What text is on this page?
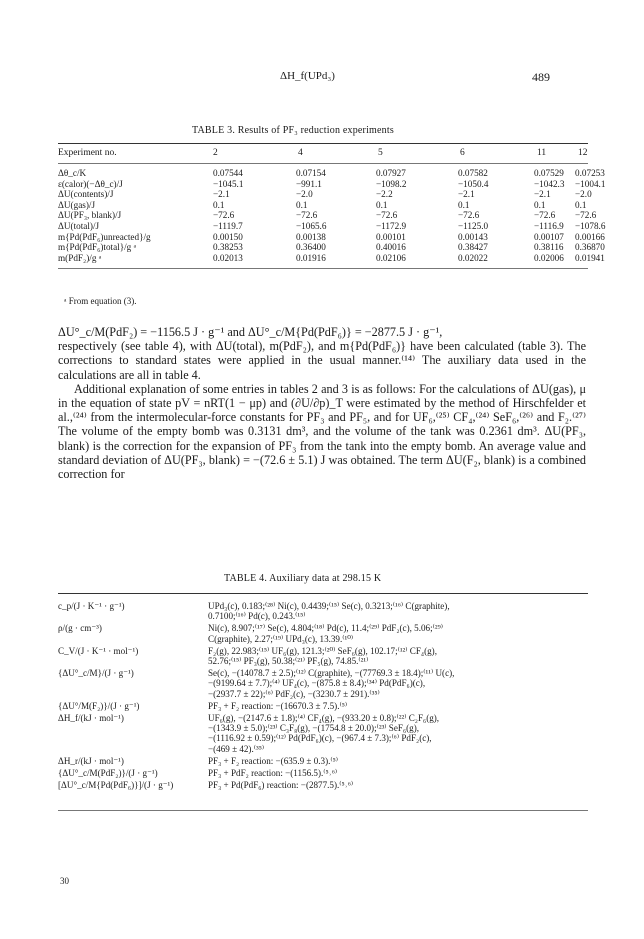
ΔH_f(UPd₃)	489
TABLE 3. Results of PF₃ reduction experiments
Experiment no.	2	4	5	6	11	12
Δθ_c/K	0.07544	0.07154	0.07927	0.07582	0.07529 0.07253
ε(calor)(−Δθ_c)/J	−1045.1	−991.1	−1098.2	−1050.4	−1042.3 −1004.1
ΔU(contents)/J	−2.1	−2.0	−2.2	−2.1	−2.1	−2.0
ΔU(gas)/J	0.1	0.1	0.1	0.1	0.1	0.1
ΔU(PF₃, blank)/J	−72.6	−72.6	−72.6	−72.6	−72.6 −72.6
ΔU(total)/J	−1119.7	−1065.6	−1172.9	−1125.0	−1116.9 −1078.6
m{Pd(PdF₆)unreacted}/g	0.00150	0.00138	0.00101	0.00143	0.00107 0.00166
m{Pd(PdF₆)total}/g ᵃ	0.38253	0.36400	0.40016	0.38427	0.38116 0.36870
m(PdF₂)/g ᵃ	0.02013	0.01916	0.02106	0.02022	0.02006 0.01941
ᵃ From equation (3).

ΔU°_c/M(PdF₂) = −1156.5 J · g⁻¹ and ΔU°_c/M{Pd(PdF₆)} = −2877.5 J · g⁻¹,

respectively (see table 4), with ΔU(total), m(PdF₂), and m{Pd(PdF₆)} have been calculated (table 3). The corrections to standard states were applied in the usual manner.⁽¹⁴⁾ The auxiliary data used in the calculations are all in table 4.

Additional explanation of some entries in tables 2 and 3 is as follows: For the calculations of ΔU(gas), μ in the equation of state pV = nRT(1 − μp) and (∂U/∂p)_T were estimated by the method of Hirschfelder et al.,⁽²⁴⁾ from the intermolecular-force constants for PF₃ and PF₅, and for UF₆,⁽²⁵⁾ CF₄,⁽²⁴⁾ SeF₆,⁽²⁶⁾ and F₂.⁽²⁷⁾ The volume of the empty bomb was 0.3131 dm³, and the volume of the tank was 0.2361 dm³. ΔU(PF₃, blank) is the correction for the expansion of PF₃ from the tank into the empty bomb. An average value and standard deviation of ΔU(PF₃, blank) = −(72.6 ± 5.1) J was obtained. The term ΔU(F₂, blank) is a combined correction for

TABLE 4. Auxiliary data at 298.15 K
c_p/(J · K⁻¹ · g⁻¹)	UPd₃(c), 0.183;⁽²⁸⁾ Ni(c), 0.4439;⁽¹⁵⁾ Se(c), 0.3213;⁽¹⁶⁾ C(graphite),
0.7100;⁽¹⁶⁾ Pd(c), 0.243.⁽¹⁵⁾
ρ/(g · cm⁻³)	Ni(c), 8.907;⁽¹⁷⁾ Se(c), 4.804;⁽¹⁸⁾ Pd(c), 11.4;⁽²⁹⁾ PdF₂(c), 5.06;⁽²⁹⁾
C(graphite), 2.27;⁽¹⁹⁾ UPd₃(c), 13.39.⁽¹⁰⁾
C_V/(J · K⁻¹ · mol⁻¹)	F₂(g), 22.983;⁽¹⁵⁾ UF₆(g), 121.3;⁽²⁰⁾ SeF₆(g), 102.17;⁽¹²⁾ CF₄(g),
52.76;⁽¹⁵⁾ PF₃(g), 50.38;⁽²¹⁾ PF₅(g), 74.85.⁽²¹⁾
{ΔU°_c/M}/(J · g⁻¹)	Se(c), −(14078.7 ± 2.5);⁽¹²⁾ C(graphite), −(77769.3 ± 18.4);⁽¹¹⁾ U(c),
−(9199.64 ± 7.7);⁽⁴⁾ UF₄(c), −(875.8 ± 8.4);⁽³⁴⁾ Pd(PdF₆)(c),
−(2937.7 ± 22);⁽⁶⁾ PdF₂(c), −(3230.7 ± 291).⁽³⁵⁾
{ΔU°/M(F₂)}/(J · g⁻¹)	PF₃ + F₂ reaction: −(16670.3 ± 7.5).⁽⁵⁾
ΔH_f/(kJ · mol⁻¹)	UF₆(g), −(2147.6 ± 1.8);⁽⁴⁾ CF₄(g), −(933.20 ± 0.8);⁽²²⁾ C₂F₆(g),
−(1343.9 ± 5.0);⁽²³⁾ C₃F₈(g), −(1754.8 ± 20.0);⁽²³⁾ SeF₆(g),
−(1116.92 ± 0.59);⁽¹²⁾ Pd(PdF₆)(c), −(967.4 ± 7.3);⁽⁶⁾ PdF₂(c),
−(469 ± 42).⁽³⁵⁾
ΔH_r/(kJ · mol⁻¹)	PF₃ + F₂ reaction: −(635.9 ± 0.3).⁽⁵⁾
{ΔU°_c/M(PdF₂)}/(J · g⁻¹)	PF₃ + PdF₂ reaction: −(1156.5).⁽⁵˒⁶⁾
[ΔU°_c/M{Pd(PdF₆)}]/(J · g⁻¹)	PF₃ + Pd(PdF₆) reaction: −(2877.5).⁽⁵˒⁶⁾
30
